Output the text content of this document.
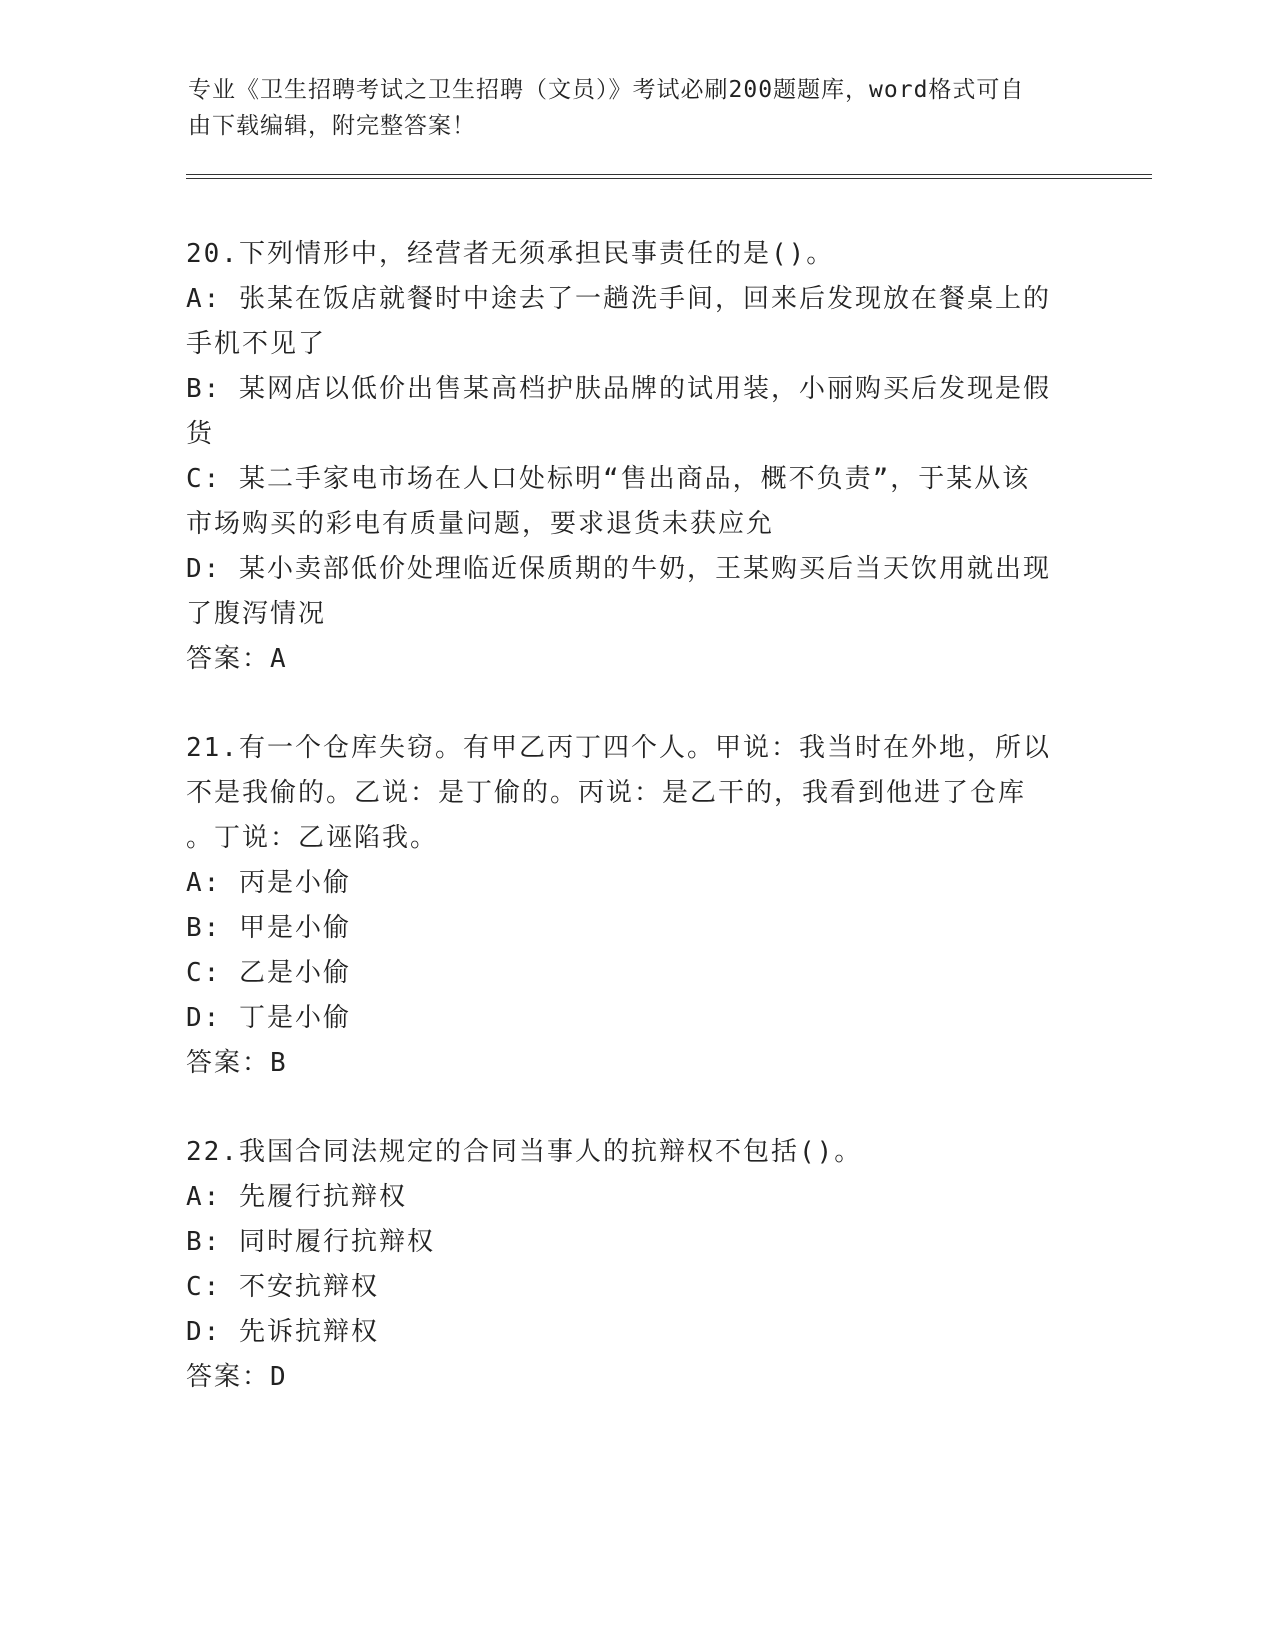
专业《卫生招聘考试之卫生招聘（文员）》考试必刷200题题库，word格式可自
由下载编辑，附完整答案！

20.下列情形中，经营者无须承担民事责任的是()。

A: 张某在饭店就餐时中途去了一趟洗手间，回来后发现放在餐桌上的

手机不见了

B: 某网店以低价出售某高档护肤品牌的试用装，小丽购买后发现是假

货

C: 某二手家电市场在人口处标明“售出商品，概不负责”，于某从该

市场购买的彩电有质量问题，要求退货未获应允

D: 某小卖部低价处理临近保质期的牛奶，王某购买后当天饮用就出现

了腹泻情况

答案：A

21.有一个仓库失窃。有甲乙丙丁四个人。甲说：我当时在外地，所以

不是我偷的。乙说：是丁偷的。丙说：是乙干的，我看到他进了仓库

。丁说：乙诬陷我。

A: 丙是小偷

B: 甲是小偷

C: 乙是小偷

D: 丁是小偷

答案：B

22.我国合同法规定的合同当事人的抗辩权不包括()。

A: 先履行抗辩权

B: 同时履行抗辩权

C: 不安抗辩权

D: 先诉抗辩权

答案：D
